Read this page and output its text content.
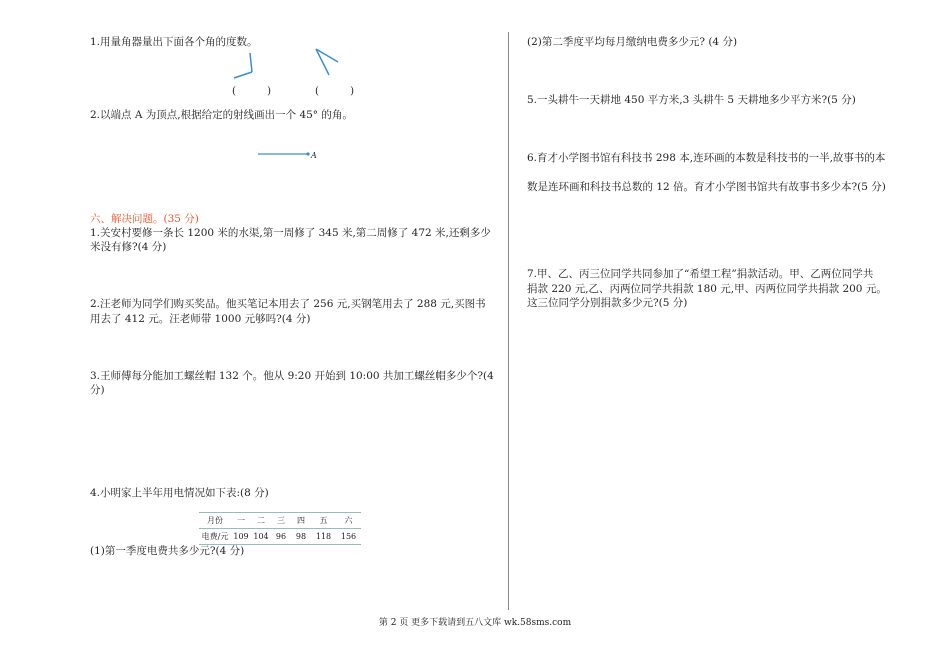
1.用量角器量出下面各个角的度数。
(　 )	(　 )
2.以端点 A 为顶点,根据给定的射线画出一个 45° 的角。
A
六、解决问题。(35 分)
1.关安村要修一条长 1200 米的水渠,第一周修了 345 米,第二周修了 472 米,还剩多少
米没有修?(4 分)
2.汪老师为同学们购买奖品。他买笔记本用去了 256 元,买钢笔用去了 288 元,买图书
用去了 412 元。汪老师带 1000 元够吗?(4 分)
3.王师傅每分能加工螺丝帽 132 个。他从 9:20 开始到 10:00 共加工螺丝帽多少个?(4
分)
4.小明家上半年用电情况如下表:(8 分)
月份	一	二	三	四	五	六
电费/元	109	104	96	98	118	156
(1)第一季度电费共多少元?(4 分)
(2)第二季度平均每月缴纳电费多少元? (4 分)
5.一头耕牛一天耕地 450 平方米,3 头耕牛 5 天耕地多少平方米?(5 分)
6.育才小学图书馆有科技书 298 本,连环画的本数是科技书的一半,故事书的本
数是连环画和科技书总数的 12 倍。育才小学图书馆共有故事书多少本?(5 分)
7.甲、乙、丙三位同学共同参加了“希望工程”捐款活动。甲、乙两位同学共
捐款 220 元,乙、丙两位同学共捐款 180 元,甲、丙两位同学共捐款 200 元。
这三位同学分别捐款多少元?(5 分)
第 2 页 更多下载请到五八文库 wk.58sms.com
